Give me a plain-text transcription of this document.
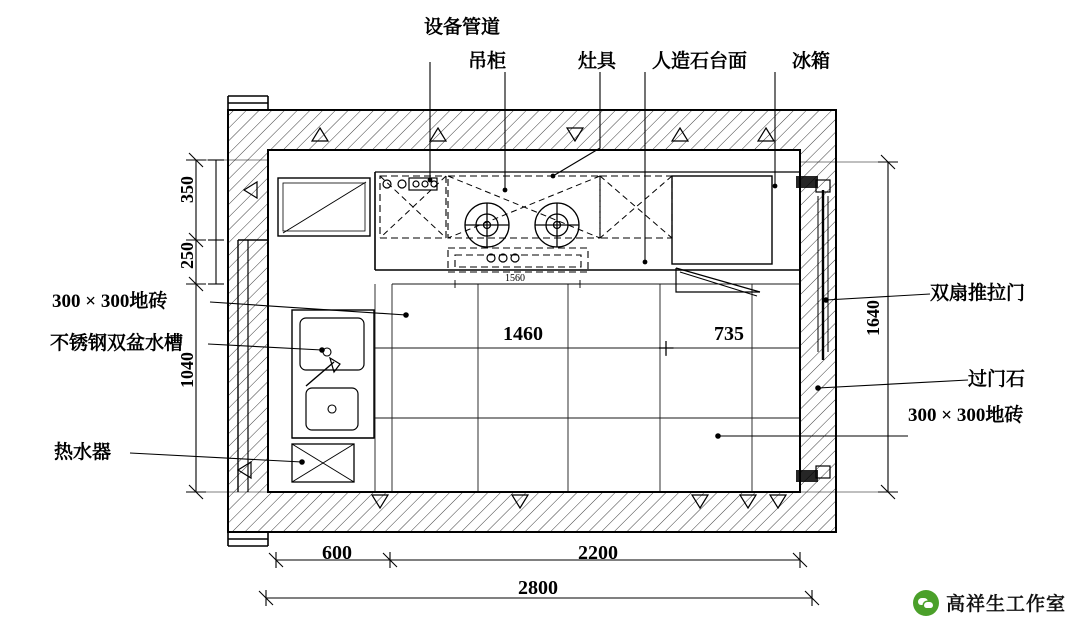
设备管道
吊柜	灶具 人造石台面 冰箱
300 × 300地砖
不锈钢双盆水槽
热水器
双扇推拉门
过门石
300 × 300地砖
350
250
1040
1640
1460	735
1560
600	2200
2800
高祥生工作室
